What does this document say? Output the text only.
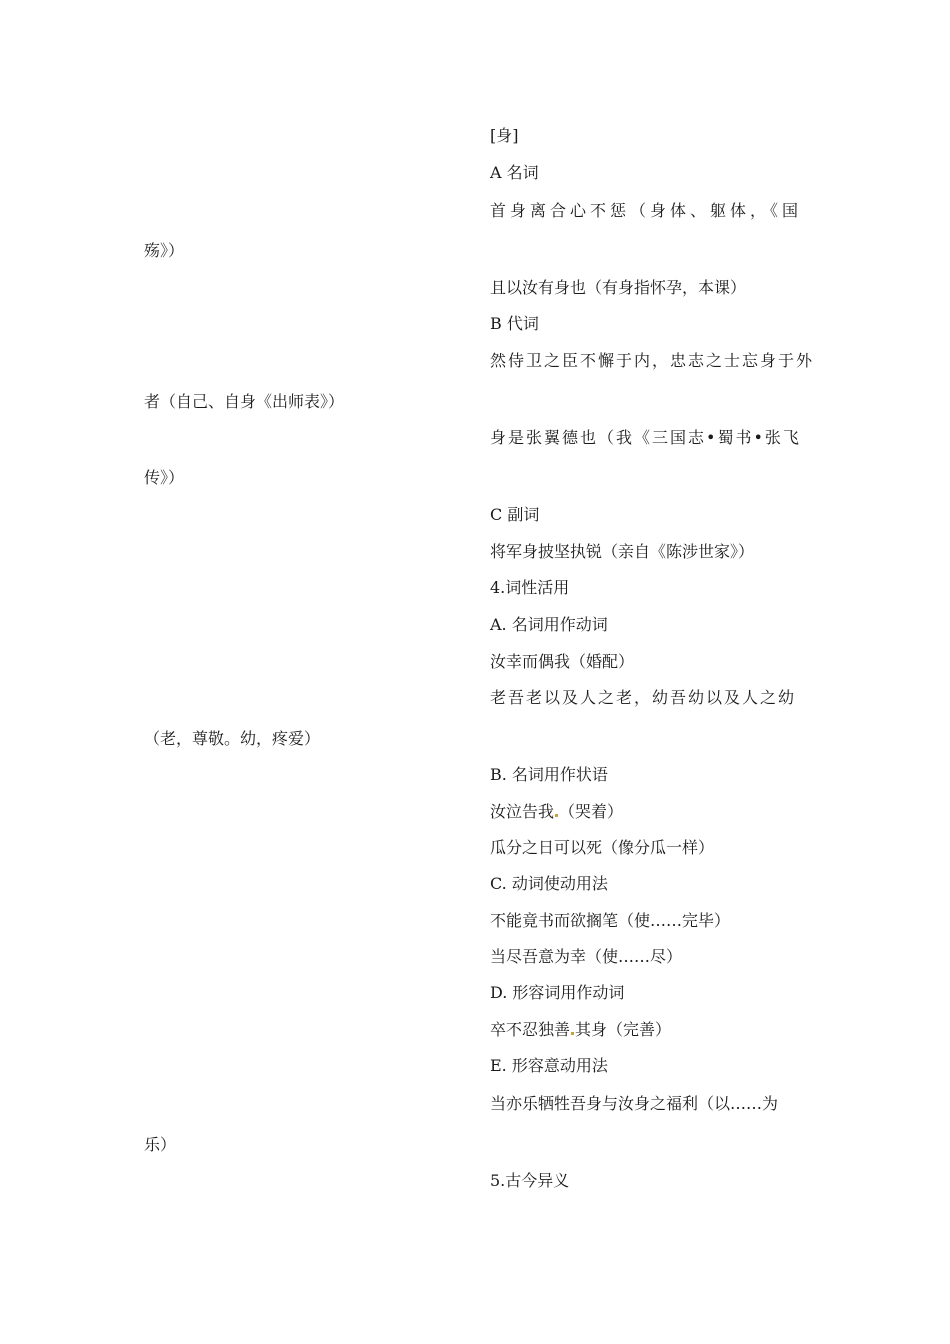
[身]
A 名词
首身离合心不惩（身体、躯体，《国
殇》）
且以汝有身也（有身指怀孕，本课）
B 代词
然侍卫之臣不懈于内，忠志之士忘身于外
者（自己、自身《出师表》）
身是张翼德也（我《三国志•蜀书•张飞
传》）
C 副词
将军身披坚执锐（亲自《陈涉世家》）
4.词性活用
A. 名词用作动词
汝幸而偶我（婚配）
老吾老以及人之老，幼吾幼以及人之幼
（老，尊敬。幼，疼爱）
B. 名词用作状语
汝泣告我 （哭着）
瓜分之日可以死（像分瓜一样）
C. 动词使动用法
不能竟书而欲搁笔（使……完毕）
当尽吾意为幸（使……尽）
D. 形容词用作动词
卒不忍独善 其身（完善）
E. 形容意动用法
当亦乐牺牲吾身与汝身之福利（以……为
乐）
5.古今异义
